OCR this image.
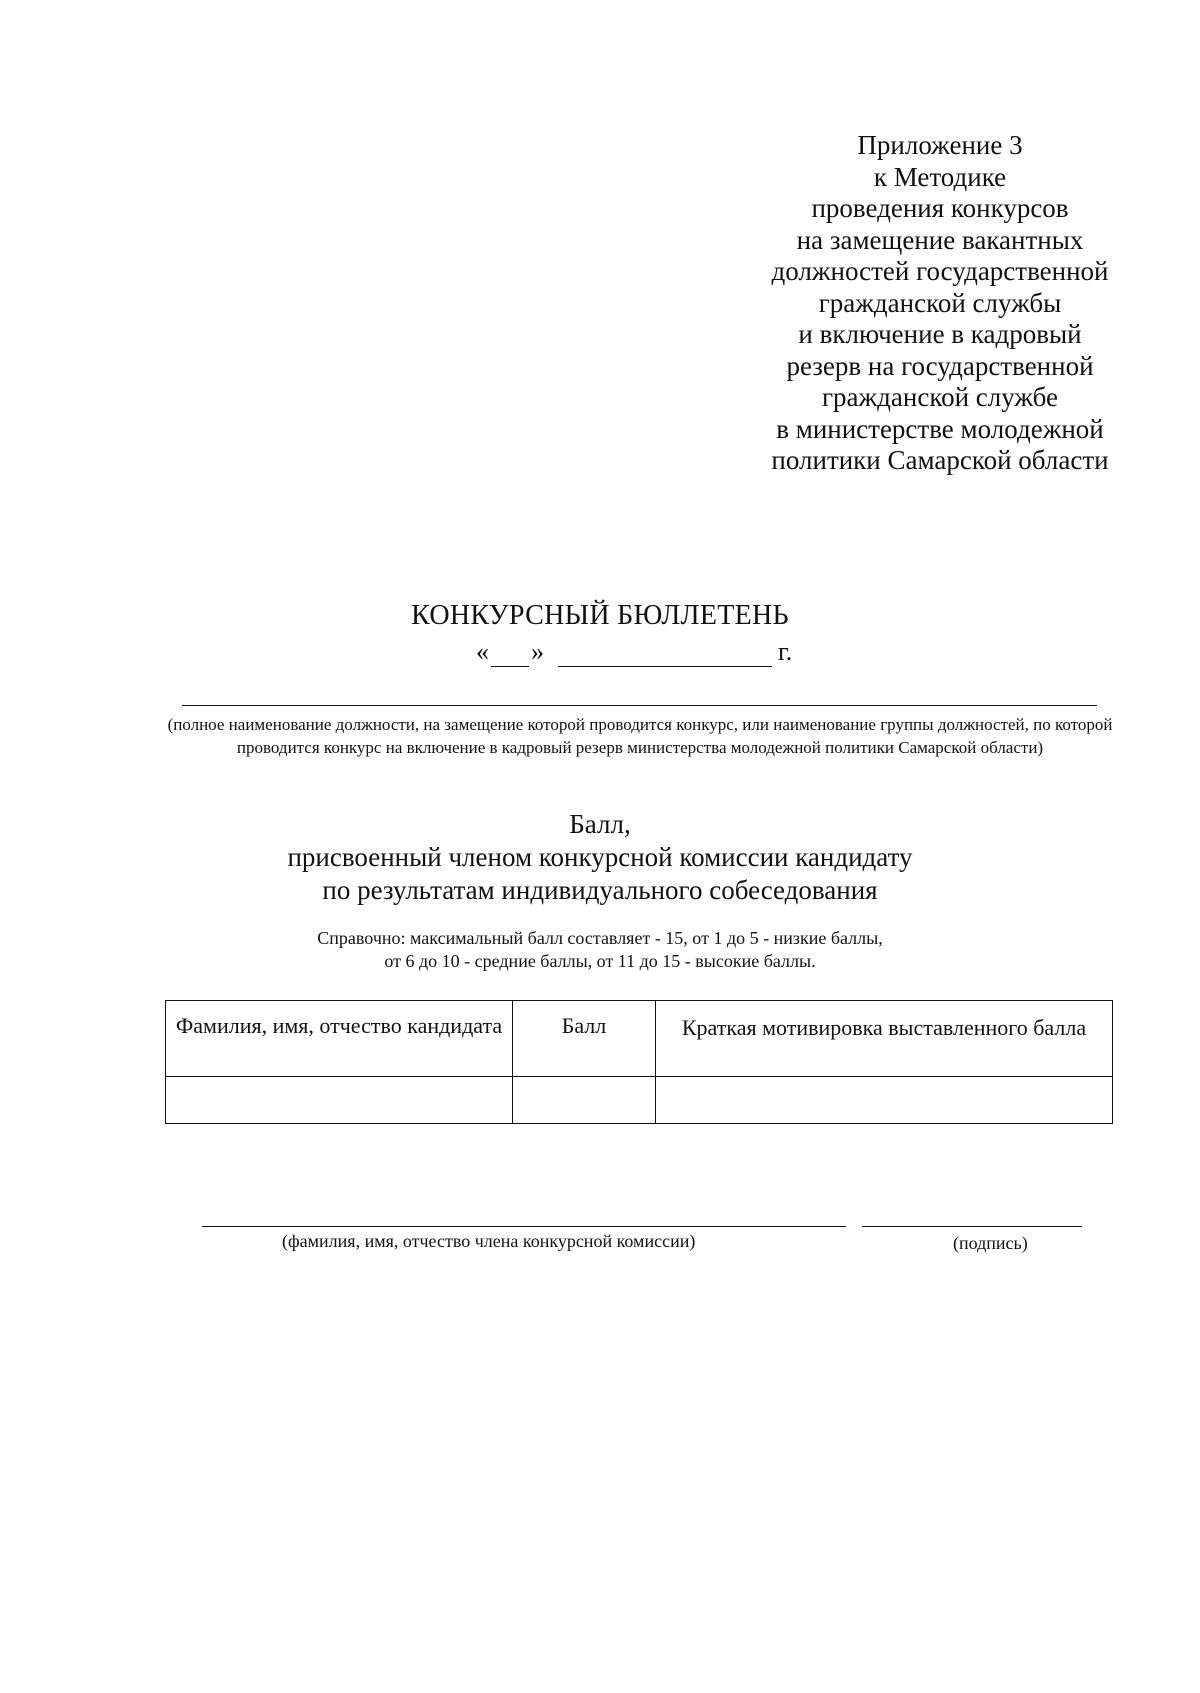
Приложение 3
к Методике
проведения конкурсов
на замещение вакантных
должностей государственной
гражданской службы
и включение в кадровый
резерв на государственной
гражданской службе
в министерстве молодежной
политики Самарской области
КОНКУРСНЫЙ БЮЛЛЕТЕНЬ
« »	г.
(полное наименование должности, на замещение которой проводится конкурс, или наименование группы должностей, по которой проводится конкурс на включение в кадровый резерв министерства молодежной политики Самарской области)
Балл,
присвоенный членом конкурсной комиссии кандидату
по результатам индивидуального собеседования
Справочно: максимальный балл составляет - 15, от 1 до 5 - низкие баллы,
от 6 до 10 - средние баллы, от 11 до 15 - высокие баллы.
Фамилия, имя, отчество кандидата	Балл	Краткая мотивировка выставленного балла

(фамилия, имя, отчество члена конкурсной комиссии)	(подпись)
